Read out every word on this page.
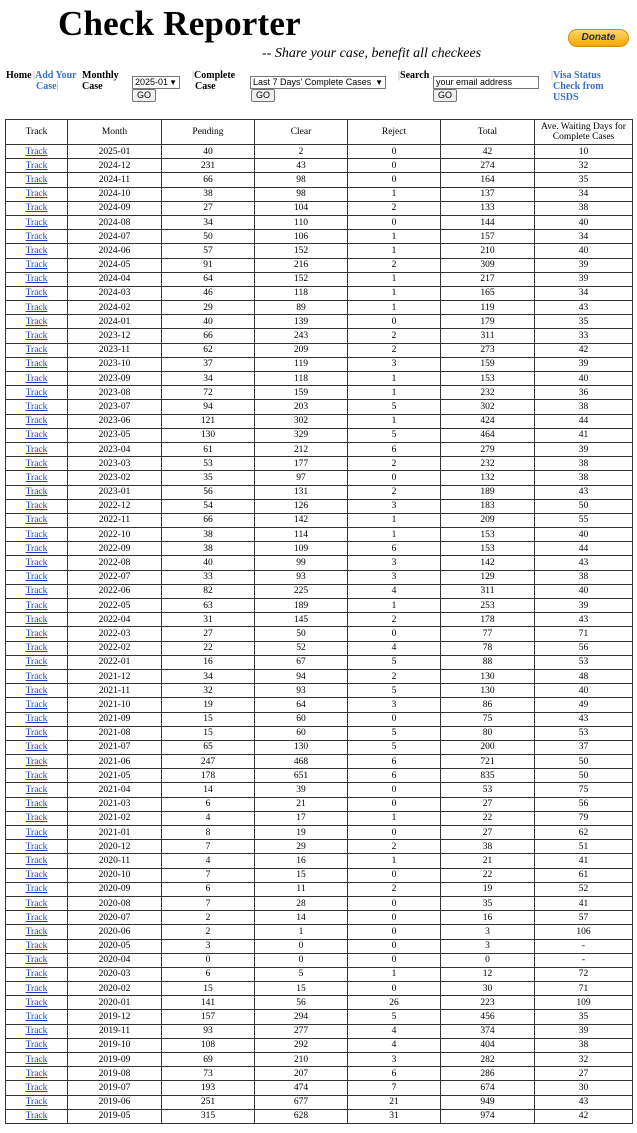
Check Reporter
-- Share your case, benefit all checkees
Donate
Home |Add Your
Case|
Monthly
Case	2025-01 ▼
GO
|Complete
Case	Last 7 Days' Complete Cases ▼
GO
|Search
your email address
GO
|Visa Status
Check from
USDS
Track	Month	Pending	Clear	Reject	Total	Ave. Waiting Days for Complete Cases
Track	2025-01	40	2	0	42	10
Track	2024-12	231	43	0	274	32
Track	2024-11	66	98	0	164	35
Track	2024-10	38	98	1	137	34
Track	2024-09	27	104	2	133	38
Track	2024-08	34	110	0	144	40
Track	2024-07	50	106	1	157	34
Track	2024-06	57	152	1	210	40
Track	2024-05	91	216	2	309	39
Track	2024-04	64	152	1	217	39
Track	2024-03	46	118	1	165	34
Track	2024-02	29	89	1	119	43
Track	2024-01	40	139	0	179	35
Track	2023-12	66	243	2	311	33
Track	2023-11	62	209	2	273	42
Track	2023-10	37	119	3	159	39
Track	2023-09	34	118	1	153	40
Track	2023-08	72	159	1	232	36
Track	2023-07	94	203	5	302	38
Track	2023-06	121	302	1	424	44
Track	2023-05	130	329	5	464	41
Track	2023-04	61	212	6	279	39
Track	2023-03	53	177	2	232	38
Track	2023-02	35	97	0	132	38
Track	2023-01	56	131	2	189	43
Track	2022-12	54	126	3	183	50
Track	2022-11	66	142	1	209	55
Track	2022-10	38	114	1	153	40
Track	2022-09	38	109	6	153	44
Track	2022-08	40	99	3	142	43
Track	2022-07	33	93	3	129	38
Track	2022-06	82	225	4	311	40
Track	2022-05	63	189	1	253	39
Track	2022-04	31	145	2	178	43
Track	2022-03	27	50	0	77	71
Track	2022-02	22	52	4	78	56
Track	2022-01	16	67	5	88	53
Track	2021-12	34	94	2	130	48
Track	2021-11	32	93	5	130	40
Track	2021-10	19	64	3	86	49
Track	2021-09	15	60	0	75	43
Track	2021-08	15	60	5	80	53
Track	2021-07	65	130	5	200	37
Track	2021-06	247	468	6	721	50
Track	2021-05	178	651	6	835	50
Track	2021-04	14	39	0	53	75
Track	2021-03	6	21	0	27	56
Track	2021-02	4	17	1	22	79
Track	2021-01	8	19	0	27	62
Track	2020-12	7	29	2	38	51
Track	2020-11	4	16	1	21	41
Track	2020-10	7	15	0	22	61
Track	2020-09	6	11	2	19	52
Track	2020-08	7	28	0	35	41
Track	2020-07	2	14	0	16	57
Track	2020-06	2	1	0	3	106
Track	2020-05	3	0	0	3	-
Track	2020-04	0	0	0	0	-
Track	2020-03	6	5	1	12	72
Track	2020-02	15	15	0	30	71
Track	2020-01	141	56	26	223	109
Track	2019-12	157	294	5	456	35
Track	2019-11	93	277	4	374	39
Track	2019-10	108	292	4	404	38
Track	2019-09	69	210	3	282	32
Track	2019-08	73	207	6	286	27
Track	2019-07	193	474	7	674	30
Track	2019-06	251	677	21	949	43
Track	2019-05	315	628	31	974	42
